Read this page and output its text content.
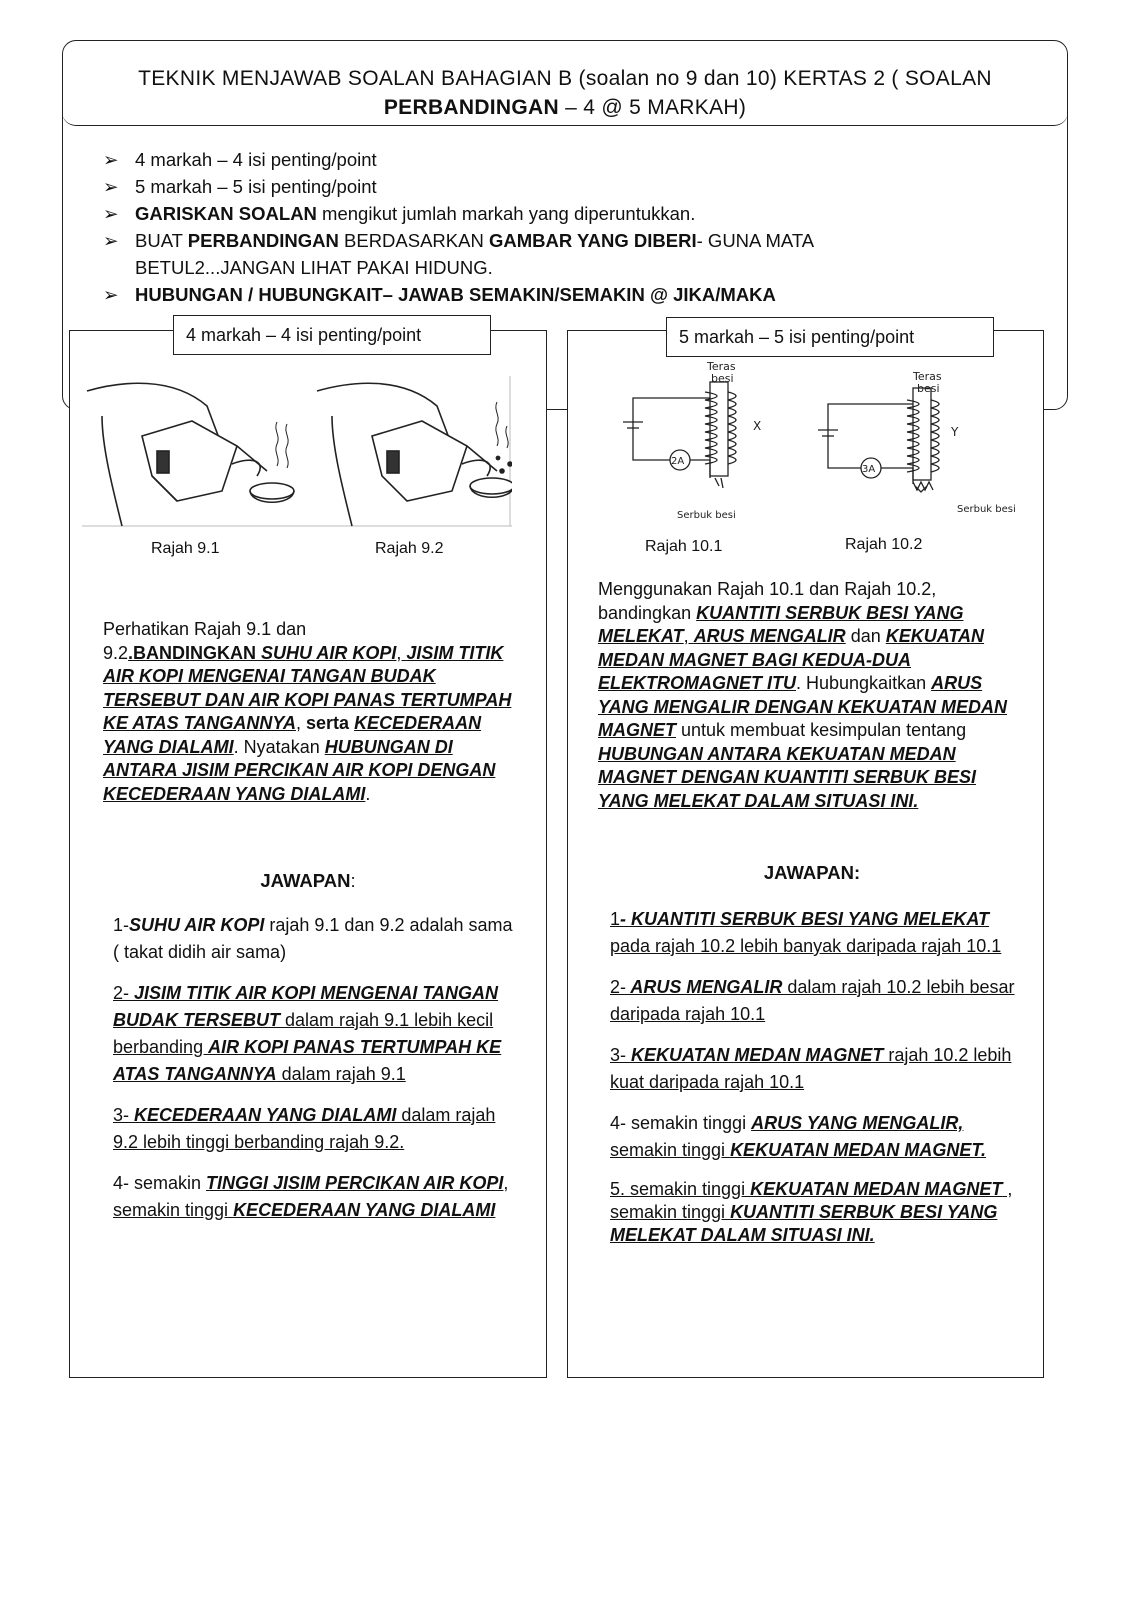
TEKNIK MENJAWAB SOALAN BAHAGIAN B (soalan no 9 dan 10) KERTAS 2 ( SOALAN
PERBANDINGAN – 4 @ 5 MARKAH)
➢ 4 markah – 4 isi penting/point
➢ 5 markah – 5 isi penting/point
➢ GARISKAN SOALAN mengikut jumlah markah yang diperuntukkan.
➢ BUAT PERBANDINGAN BERDASARKAN GAMBAR YANG DIBERI- GUNA MATA
BETUL2...JANGAN LIHAT PAKAI HIDUNG.
➢ HUBUNGAN / HUBUNGKAIT– JAWAB SEMAKIN/SEMAKIN @ JIKA/MAKA
4 markah – 4 isi penting/point
Rajah 9.1	Rajah 9.2
Perhatikan Rajah 9.1 dan
9.2.BANDINGKAN SUHU AIR KOPI, JISIM TITIK AIR KOPI MENGENAI TANGAN BUDAK TERSEBUT DAN AIR KOPI PANAS TERTUMPAH KE ATAS TANGANNYA, serta KECEDERAAN YANG DIALAMI. Nyatakan HUBUNGAN DI ANTARA JISIM PERCIKAN AIR KOPI DENGAN KECEDERAAN YANG DIALAMI.
JAWAPAN:
1-SUHU AIR KOPI rajah 9.1 dan 9.2 adalah sama ( takat didih air sama)
2- JISIM TITIK AIR KOPI MENGENAI TANGAN BUDAK TERSEBUT dalam rajah 9.1 lebih kecil berbanding AIR KOPI PANAS TERTUMPAH KE ATAS TANGANNYA dalam rajah 9.1
3- KECEDERAAN YANG DIALAMI dalam rajah 9.2 lebih tinggi berbanding rajah 9.2.
4- semakin TINGGI JISIM PERCIKAN AIR KOPI, semakin tinggi KECEDERAAN YANG DIALAMI
5 markah – 5 isi penting/point
Teras
besi	Teras
besi
X	Y
2A
3A
Serbuk besi
Serbuk besi
Rajah 10.1	Rajah 10.2
Menggunakan Rajah 10.1 dan Rajah 10.2, bandingkan KUANTITI SERBUK BESI YANG MELEKAT, ARUS MENGALIR dan KEKUATAN MEDAN MAGNET BAGI KEDUA-DUA ELEKTROMAGNET ITU. Hubungkaitkan ARUS YANG MENGALIR DENGAN KEKUATAN MEDAN MAGNET untuk membuat kesimpulan tentang HUBUNGAN ANTARA KEKUATAN MEDAN MAGNET DENGAN KUANTITI SERBUK BESI YANG MELEKAT DALAM SITUASI INI.
JAWAPAN:
1- KUANTITI SERBUK BESI YANG MELEKAT pada rajah 10.2 lebih banyak daripada rajah 10.1
2- ARUS MENGALIR dalam rajah 10.2 lebih besar daripada rajah 10.1
3- KEKUATAN MEDAN MAGNET rajah 10.2 lebih kuat daripada rajah 10.1
4- semakin tinggi ARUS YANG MENGALIR, semakin tinggi KEKUATAN MEDAN MAGNET.
5. semakin tinggi KEKUATAN MEDAN MAGNET , semakin tinggi KUANTITI SERBUK BESI YANG MELEKAT DALAM SITUASI INI.
